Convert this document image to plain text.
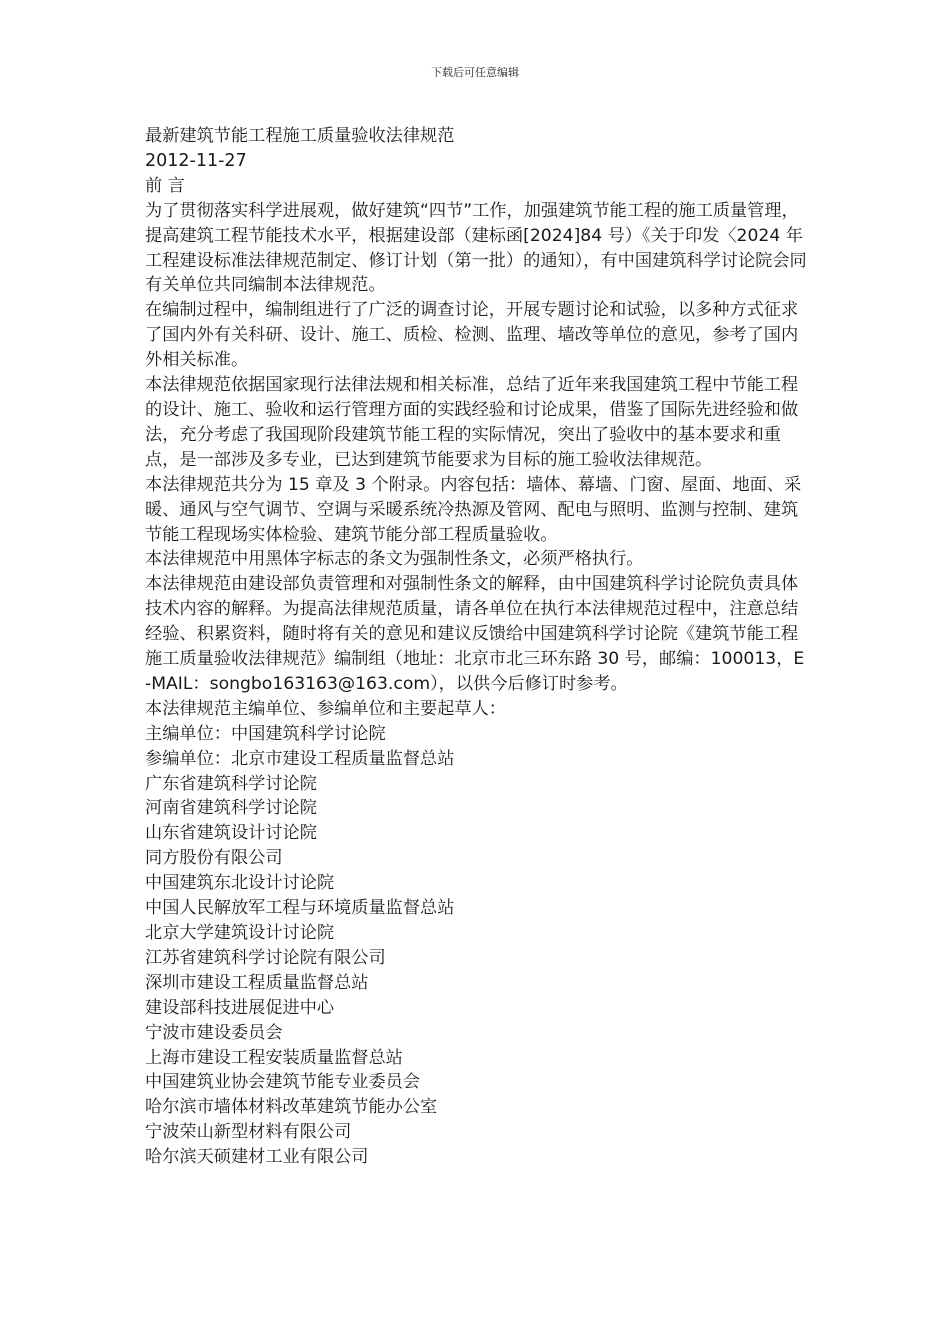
下载后可任意编辑

最新建筑节能工程施工质量验收法律规范

2012-11-27

前 言

为了贯彻落实科学进展观，做好建筑“四节”工作，加强建筑节能工程的施工质量管理，提高建筑工程节能技术水平，根据建设部（建标函[2024]84 号）《关于印发〈2024 年工程建设标准法律规范制定、修订计划（第一批）的通知），有中国建筑科学讨论院会同有关单位共同编制本法律规范。

在编制过程中，编制组进行了广泛的调查讨论，开展专题讨论和试验，以多种方式征求了国内外有关科研、设计、施工、质检、检测、监理、墙改等单位的意见，参考了国内外相关标准。

本法律规范依据国家现行法律法规和相关标准，总结了近年来我国建筑工程中节能工程的设计、施工、验收和运行管理方面的实践经验和讨论成果，借鉴了国际先进经验和做法，充分考虑了我国现阶段建筑节能工程的实际情况，突出了验收中的基本要求和重点，是一部涉及多专业，已达到建筑节能要求为目标的施工验收法律规范。

本法律规范共分为 15 章及 3 个附录。内容包括：墙体、幕墙、门窗、屋面、地面、采暖、通风与空气调节、空调与采暖系统冷热源及管网、配电与照明、监测与控制、建筑节能工程现场实体检验、建筑节能分部工程质量验收。

本法律规范中用黑体字标志的条文为强制性条文，必须严格执行。

本法律规范由建设部负责管理和对强制性条文的解释，由中国建筑科学讨论院负责具体技术内容的解释。为提高法律规范质量，请各单位在执行本法律规范过程中，注意总结经验、积累资料，随时将有关的意见和建议反馈给中国建筑科学讨论院《建筑节能工程施工质量验收法律规范》编制组（地址：北京市北三环东路 30 号，邮编：100013，E-MAIL：songbo163163@163.com），以供今后修订时参考。

本法律规范主编单位、参编单位和主要起草人：

主编单位：中国建筑科学讨论院

参编单位：北京市建设工程质量监督总站

广东省建筑科学讨论院
河南省建筑科学讨论院
山东省建筑设计讨论院
同方股份有限公司
中国建筑东北设计讨论院
中国人民解放军工程与环境质量监督总站
北京大学建筑设计讨论院
江苏省建筑科学讨论院有限公司
深圳市建设工程质量监督总站
建设部科技进展促进中心
宁波市建设委员会
上海市建设工程安装质量监督总站
中国建筑业协会建筑节能专业委员会
哈尔滨市墙体材料改革建筑节能办公室
宁波荣山新型材料有限公司
哈尔滨天硕建材工业有限公司
